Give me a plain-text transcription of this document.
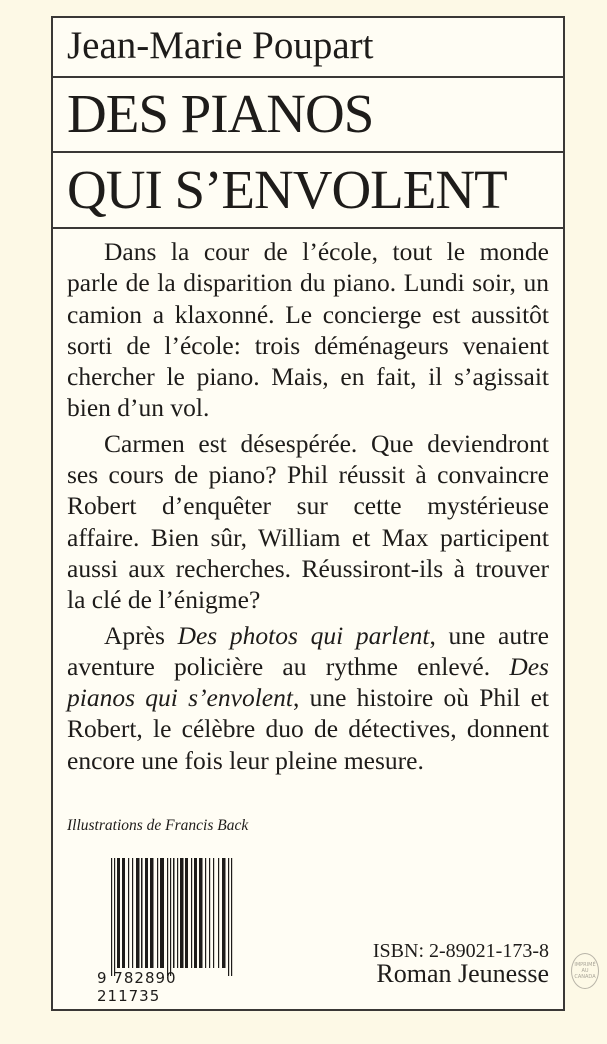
Jean-Marie Poupart
DES PIANOS
QUI S’ENVOLENT

Dans la cour de l’école, tout le monde parle de la disparition du piano. Lundi soir, un camion a klaxonné. Le concierge est aussitôt sorti de l’école: trois déménageurs venaient chercher le piano. Mais, en fait, il s’agissait bien d’un vol.

Carmen est désespérée. Que deviendront ses cours de piano? Phil réussit à convaincre Robert d’enquêter sur cette mystérieuse affaire. Bien sûr, William et Max participent aussi aux recherches. Réussiront-ils à trouver la clé de l’énigme?

Après Des photos qui parlent, une autre aventure policière au rythme enlevé. Des pianos qui s’envolent, une histoire où Phil et Robert, le célèbre duo de détectives, donnent encore une fois leur pleine mesure.

Illustrations de Francis Back
9 782890 211735
ISBN: 2-89021-173-8
Roman Jeunesse	IMPRIMÉ AU CANADA
